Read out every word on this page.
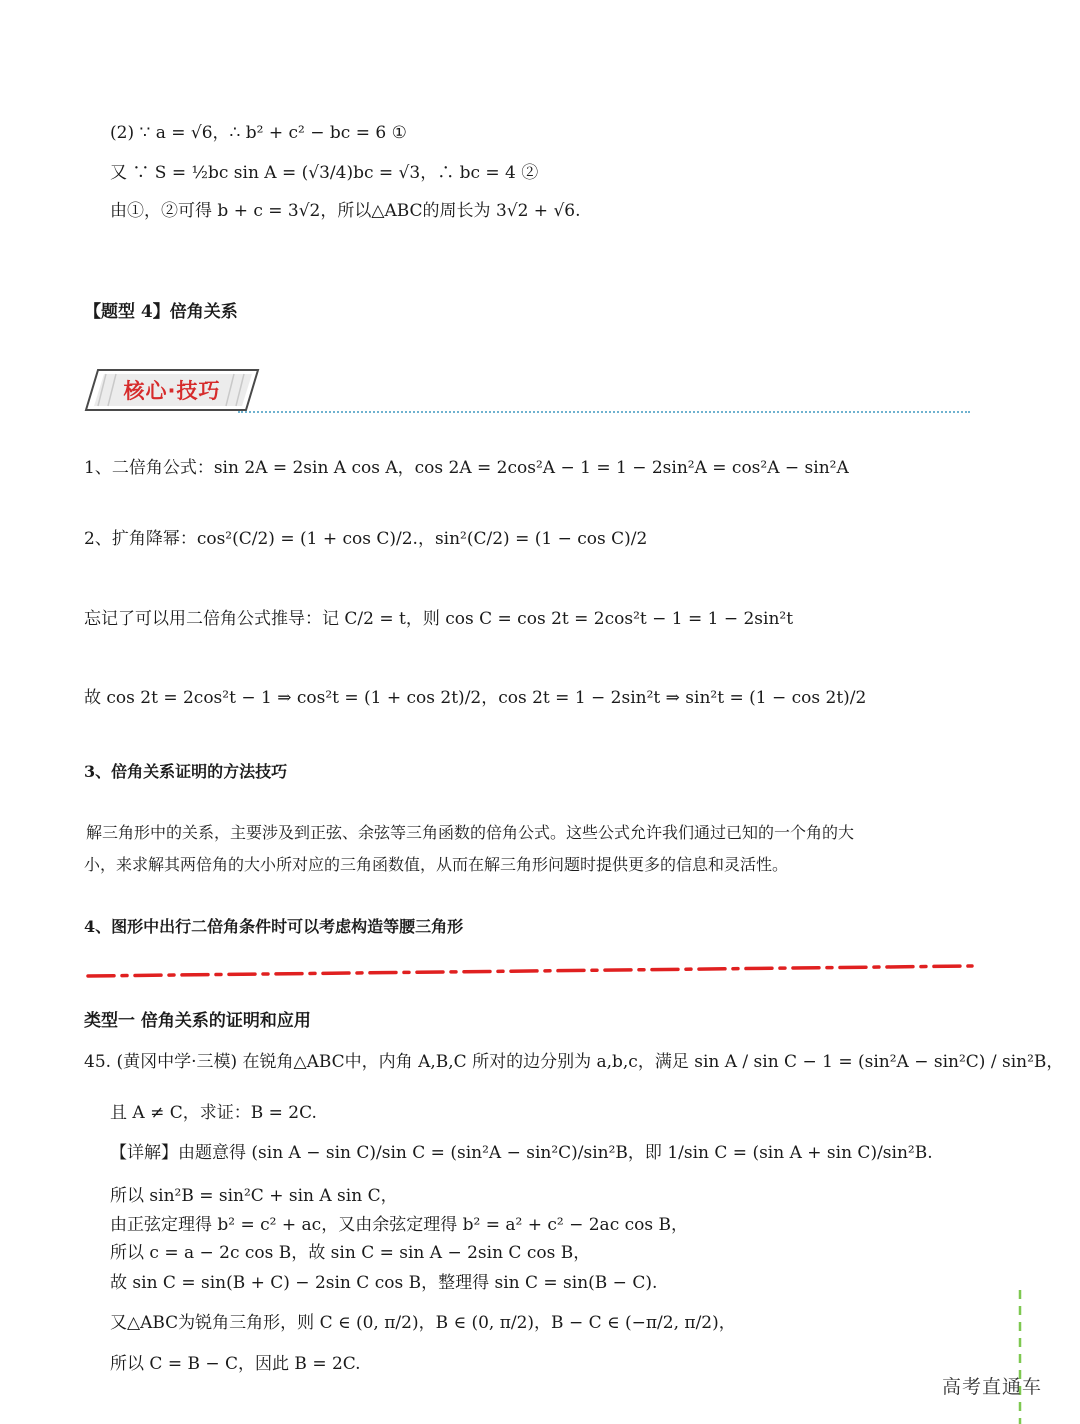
(2) ∵ a = √6，∴ b² + c² − bc = 6 ①
又 ∵ S = ½bc sin A = (√3/4)bc = √3，∴ bc = 4 ②
由①，②可得 b + c = 3√2，所以△ABC的周长为 3√2 + √6.
【题型 4】倍角关系
核心·技巧
1、二倍角公式：sin 2A = 2sin A cos A，cos 2A = 2cos²A − 1 = 1 − 2sin²A = cos²A − sin²A
2、扩角降幂：cos²(C/2) = (1 + cos C)/2.，sin²(C/2) = (1 − cos C)/2
忘记了可以用二倍角公式推导：记 C/2 = t，则 cos C = cos 2t = 2cos²t − 1 = 1 − 2sin²t
故 cos 2t = 2cos²t − 1 ⇒ cos²t = (1 + cos 2t)/2，cos 2t = 1 − 2sin²t ⇒ sin²t = (1 − cos 2t)/2
3、倍角关系证明的方法技巧
解三角形中的关系，主要涉及到正弦、余弦等三角函数的倍角公式。这些公式允许我们通过已知的一个角的大
小，来求解其两倍角的大小所对应的三角函数值，从而在解三角形问题时提供更多的信息和灵活性。
4、图形中出行二倍角条件时可以考虑构造等腰三角形
类型一 倍角关系的证明和应用
45. (黄冈中学·三模) 在锐角△ABC中，内角 A,B,C 所对的边分别为 a,b,c，满足 sin A / sin C − 1 = (sin²A − sin²C) / sin²B，
且 A ≠ C，求证：B = 2C.
【详解】由题意得 (sin A − sin C)/sin C = (sin²A − sin²C)/sin²B，即 1/sin C = (sin A + sin C)/sin²B.
所以 sin²B = sin²C + sin A sin C，
由正弦定理得 b² = c² + ac，又由余弦定理得 b² = a² + c² − 2ac cos B，
所以 c = a − 2c cos B，故 sin C = sin A − 2sin C cos B，
故 sin C = sin(B + C) − 2sin C cos B，整理得 sin C = sin(B − C).
又△ABC为锐角三角形，则 C ∈ (0, π/2)，B ∈ (0, π/2)，B − C ∈ (−π/2, π/2)，
所以 C = B − C，因此 B = 2C.
高考直通车
